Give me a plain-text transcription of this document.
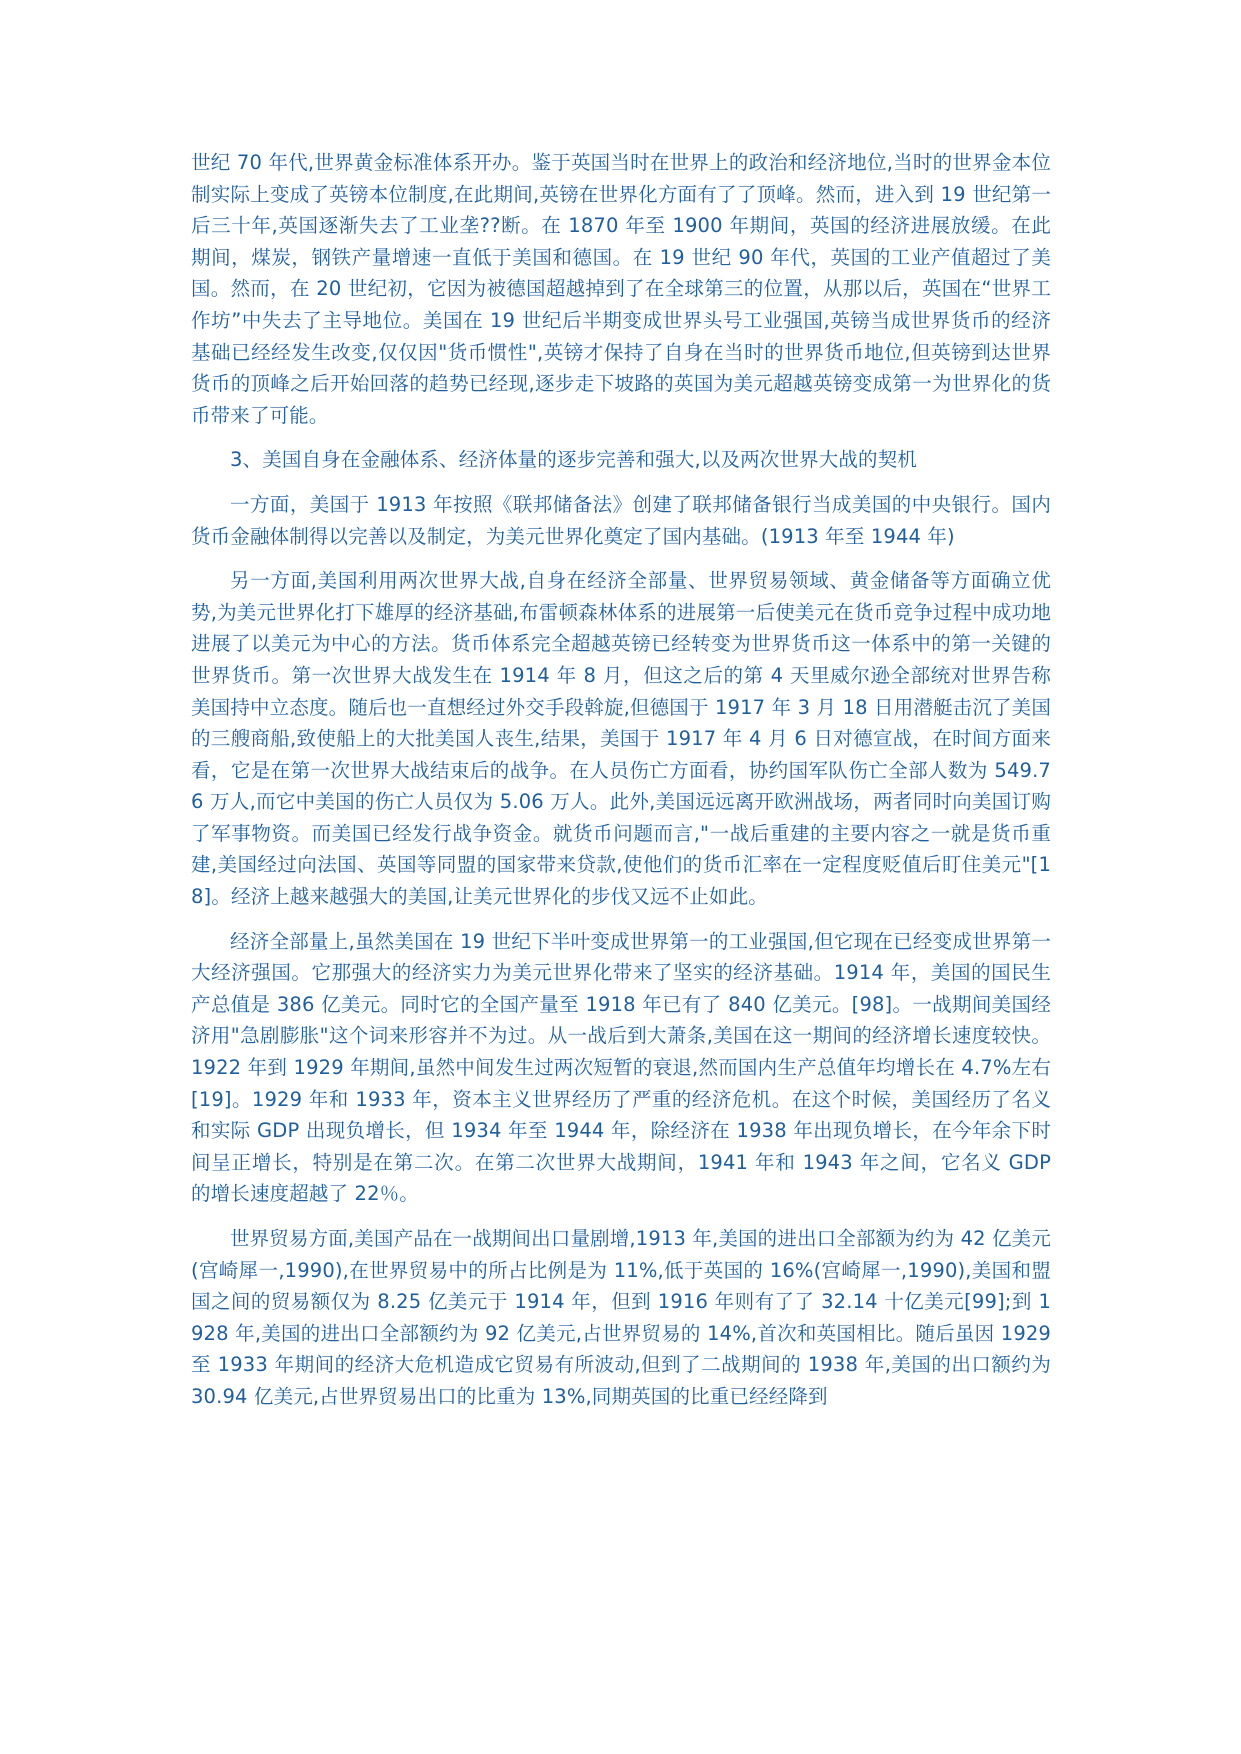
世纪 70 年代,世界黄金标准体系开办。鉴于英国当时在世界上的政治和经济地位,当时的世界金本位制实际上变成了英镑本位制度,在此期间,英镑在世界化方面有了了顶峰。然而，进入到 19 世纪第一后三十年,英国逐渐失去了工业垄??断。在 1870 年至 1900 年期间，英国的经济进展放缓。在此期间，煤炭，钢铁产量增速一直低于美国和德国。在 19 世纪 90 年代，英国的工业产值超过了美国。然而，在 20 世纪初，它因为被德国超越掉到了在全球第三的位置，从那以后，英国在“世界工作坊”中失去了主导地位。美国在 19 世纪后半期变成世界头号工业强国,英镑当成世界货币的经济基础已经经发生改变,仅仅因"货币惯性",英镑才保持了自身在当时的世界货币地位,但英镑到达世界货币的顶峰之后开始回落的趋势已经现,逐步走下坡路的英国为美元超越英镑变成第一为世界化的货币带来了可能。

3、美国自身在金融体系、经济体量的逐步完善和强大,以及两次世界大战的契机

一方面，美国于 1913 年按照《联邦储备法》创建了联邦储备银行当成美国的中央银行。国内货币金融体制得以完善以及制定，为美元世界化奠定了国内基础。(1913 年至 1944 年)

另一方面,美国利用两次世界大战,自身在经济全部量、世界贸易领域、黄金储备等方面确立优势,为美元世界化打下雄厚的经济基础,布雷顿森林体系的进展第一后使美元在货币竞争过程中成功地进展了以美元为中心的方法。货币体系完全超越英镑已经转变为世界货币这一体系中的第一关键的世界货币。第一次世界大战发生在 1914 年 8 月，但这之后的第 4 天里威尔逊全部统对世界告称美国持中立态度。随后也一直想经过外交手段斡旋,但德国于 1917 年 3 月 18 日用潜艇击沉了美国的三艘商船,致使船上的大批美国人丧生,结果，美国于 1917 年 4 月 6 日对德宣战，在时间方面来看，它是在第一次世界大战结束后的战争。在人员伤亡方面看，协约国军队伤亡全部人数为 549.76 万人,而它中美国的伤亡人员仅为 5.06 万人。此外,美国远远离开欧洲战场，两者同时向美国订购了军事物资。而美国已经发行战争资金。就货币问题而言,"一战后重建的主要内容之一就是货币重建,美国经过向法国、英国等同盟的国家带来贷款,使他们的货币汇率在一定程度贬值后盯住美元"[18]。经济上越来越强大的美国,让美元世界化的步伐又远不止如此。

经济全部量上,虽然美国在 19 世纪下半叶变成世界第一的工业强国,但它现在已经变成世界第一大经济强国。它那强大的经济实力为美元世界化带来了坚实的经济基础。1914 年，美国的国民生产总值是 386 亿美元。同时它的全国产量至 1918 年已有了 840 亿美元。[98]。一战期间美国经济用"急剧膨胀"这个词来形容并不为过。从一战后到大萧条,美国在这一期间的经济增长速度较快。1922 年到 1929 年期间,虽然中间发生过两次短暂的衰退,然而国内生产总值年均增长在 4.7%左右[19]。1929 年和 1933 年，资本主义世界经历了严重的经济危机。在这个时候，美国经历了名义和实际 GDP 出现负增长，但 1934 年至 1944 年，除经济在 1938 年出现负增长，在今年余下时间呈正增长，特别是在第二次。在第二次世界大战期间，1941 年和 1943 年之间，它名义 GDP 的增长速度超越了 22％。

世界贸易方面,美国产品在一战期间出口量剧增,1913 年,美国的进出口全部额为约为 42 亿美元(宫崎犀一,1990),在世界贸易中的所占比例是为 11%,低于英国的 16%(宫崎犀一,1990),美国和盟国之间的贸易额仅为 8.25 亿美元于 1914 年，但到 1916 年则有了了 32.14 十亿美元[99];到 1928 年,美国的进出口全部额约为 92 亿美元,占世界贸易的 14%,首次和英国相比。随后虽因 1929 至 1933 年期间的经济大危机造成它贸易有所波动,但到了二战期间的 1938 年,美国的出口额约为 30.94 亿美元,占世界贸易出口的比重为 13%,同期英国的比重已经经降到
